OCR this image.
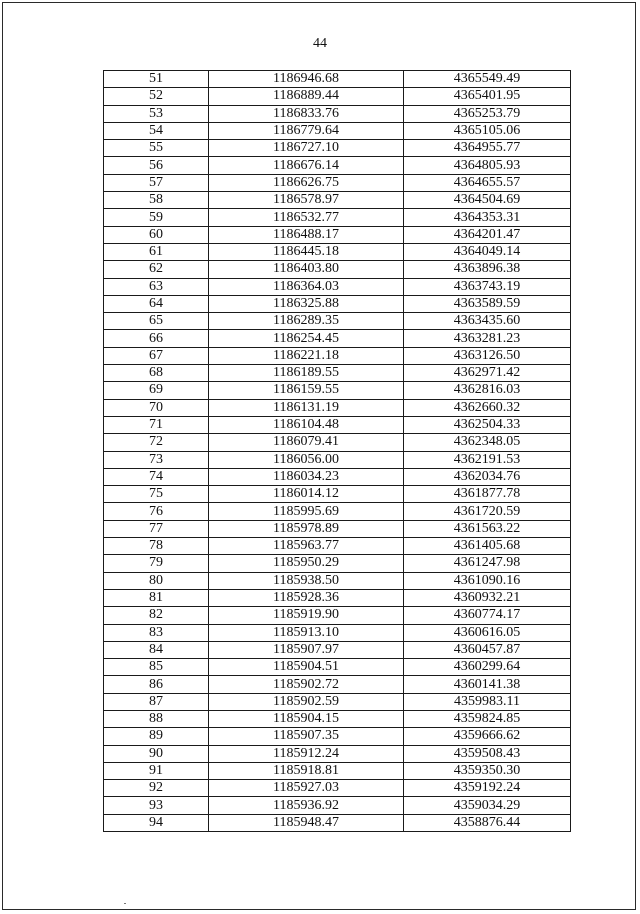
44
51	1186946.68	4365549.49
52	1186889.44	4365401.95
53	1186833.76	4365253.79
54	1186779.64	4365105.06
55	1186727.10	4364955.77
56	1186676.14	4364805.93
57	1186626.75	4364655.57
58	1186578.97	4364504.69
59	1186532.77	4364353.31
60	1186488.17	4364201.47
61	1186445.18	4364049.14
62	1186403.80	4363896.38
63	1186364.03	4363743.19
64	1186325.88	4363589.59
65	1186289.35	4363435.60
66	1186254.45	4363281.23
67	1186221.18	4363126.50
68	1186189.55	4362971.42
69	1186159.55	4362816.03
70	1186131.19	4362660.32
71	1186104.48	4362504.33
72	1186079.41	4362348.05
73	1186056.00	4362191.53
74	1186034.23	4362034.76
75	1186014.12	4361877.78
76	1185995.69	4361720.59
77	1185978.89	4361563.22
78	1185963.77	4361405.68
79	1185950.29	4361247.98
80	1185938.50	4361090.16
81	1185928.36	4360932.21
82	1185919.90	4360774.17
83	1185913.10	4360616.05
84	1185907.97	4360457.87
85	1185904.51	4360299.64
86	1185902.72	4360141.38
87	1185902.59	4359983.11
88	1185904.15	4359824.85
89	1185907.35	4359666.62
90	1185912.24	4359508.43
91	1185918.81	4359350.30
92	1185927.03	4359192.24
93	1185936.92	4359034.29
94	1185948.47	4358876.44
